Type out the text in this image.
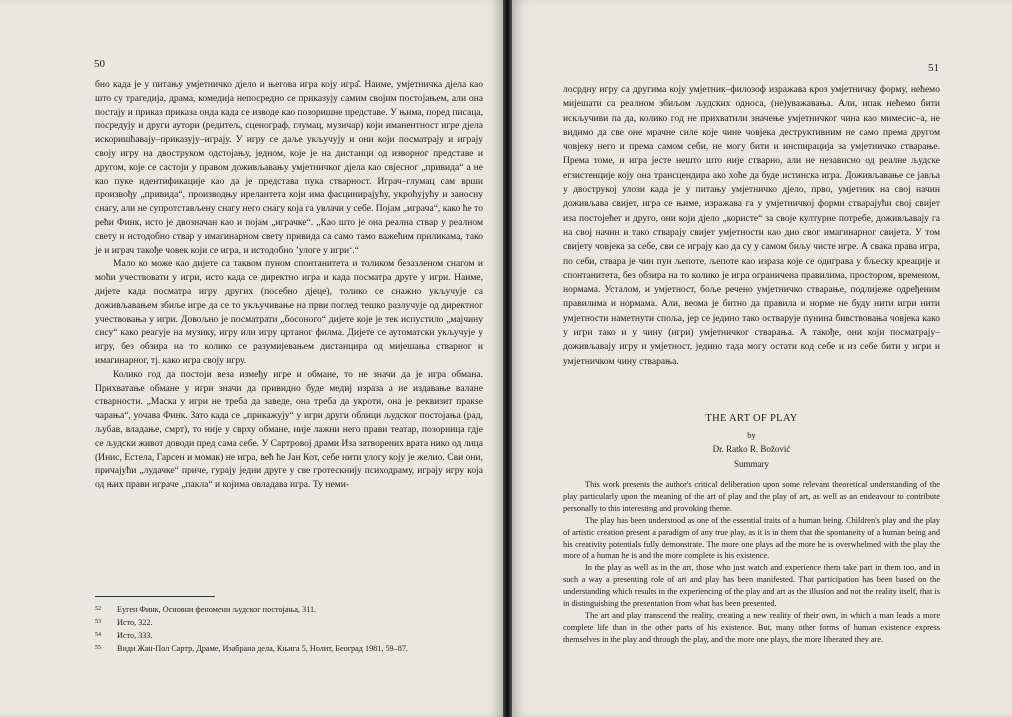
50

бно када је у питању умјетничко дјело и његова игра коју игра̂. Наиме, умјетничка дјела као што су трагедија, драма, комедија непосредно се приказују самим својим постојањем, али она постају и приказ приказа онда када се изводе као позоришне представе. У њима, поред писаца, посредују и други аутори (редитељ, сценограф, глумац, музичар) који иманентност игре дјела искоришћавају–приказују–играју. У игру се даље укључују и они који посматрају и играју своју игру на двоструком одстојању, једном, које је на дистанци од изворнoг представе и другом, које се састоји у правом доживљавању умјетничког дјела као свјесног „привида“ а не као пуке идентификације као да је представа пука стварност. Играч–глумац сам врши произвођу „привида“, производњу ирелантета који има фасцинирајућу, укроћујућу и заносну снагу, али не супротстављену снагу него снагу која га увлачи у себе. Појам „играча“, како ће то рећи Финк, исто је двозначан као и појам „играчке“. „Као што је она реална ствар у реалном свету и истодобно ствар у имагинарном свету привида са само тамо важећим приликама, тако је и играч такође човек који се игра, и истодобно ’улоге у игри‘.“

Мало ко може као дијете са таквом пуном спонтанитета и толиком безазленом снагом и моћи учествовати у игри, исто када се директно игра и када посматра друге у игри. Наиме, дијете када посматра игру других (посебно дјеце), толико се снажно укључује са доживљавањем збиље игре да се то укључивање на први поглед тешко разлучује од директног учествовања у игри. Довољно је посматрати „босоного“ дијете које је тек испустило „мајчину сису“ како реагује на музику, игру или игру цртаног филма. Дијете се аутоматски укључује у игру, без обзира на то колико се разумијевањем дистанцира од мијешања стварног и имагинарног, тј. како игра своју игру.

Колико год да постоји веза између игре и обмане, то не значи да је игра обмана. Прихватање обмане у игри значи да привидно буде медиј израза а не издавање валане стварности. „Маска у игри не треба да заведе, она треба да укроти, она је реквизит пракse чарања“, уочава Финк. Зато када се „прикажују“ у игри други облици људског постојања (рад, љубав, владање, смрт), то није у сврху обмане, није лажни него прави театар, позорница гдје се људски живот доводи пред сама себе. У Сартровој драми Иза затворених врата нико од лица (Инис, Естела, Гарсен и момак) не игра, већ ће Јан Кот, себе нити улогу коју је желио. Сви они, причајући „лудачке“ приче, гурају једни друге у све гротескнију психодраму, играју игру која од њих прави играче „пакла“ и којима овладава игра. Ту неми-

52	Еуген Финк, Основни феномени људског постојања, 311.
53	Исто, 322.
54	Исто, 333.
55	Види Жан-Пол Сартр, Драме, Изабрана дела, Књига 5, Нолит, Београд 1981, 59–87.
51

лосрдну игру са другима коју умјетник–филозоф изражава кроз умјетничку форму, нећемо мијешати са реалном збиљом људских односа, (не)уважавања. Али, ипак нећемо бити искључиви па да, колико год не прихватили значење умјетничког чина као мимесис–а, не видимо да све оне мрачне силе које чине човјека деструктивним не само према другом човјеку него и према самом себи, не могу бити и инспирација за умјетничко стварање. Према томе, и игра јесте нешто што није стварно, али не независно од реалне људске егзистенције коју она трансцендира ако хоће да буде истинска игра. Доживљавање се јавља у двострукој улози када је у питању умјетничко дјело, прво, умјетник на свој начин доживљава свијет, игра се њиме, изражава га у умјетничкој форми стварајући свој свијет иза постојећег и друго, они који дјело „користе“ за своје културне потребе, доживљавају га на свој начин и тако стварају свијет умјетности као дио свог имагинарног свијета. У том свијету човјека за себе, сви се играју као да су у самом биљу чисте игре. А свака права игра, по себи, ствара је чин пун љепоте, љепоте као израза које се одигрaва у бљеску креације и спонтанитета, без обзира на то колико је игра ограничена правилима, простором, временом, нормама. Усталом, и умјетност, боље речено умјетничко стварање, подлијеже одређеним правилима и нормама. Али, веома је битно да правила и норме не буду нити игри нити умјетности наметнути споља, јер се једино тако остварује пунина бивствовања човјека како у игри тако и у чину (игри) умјетничког стварања. А такође, они који посматрају–доживљавају игру и умјетност, једино тада могу остати код себе и из себе бити у игри и умјетничком чину стварања.

THE ART OF PLAY
by
Dr. Ratko R. Božović
Summary

This work presents the author's critical deliberation upon some relevant theoretical understanding of the play particularly upon the meaning of the art of play and the play of art, as well as an endeavour to contribute personally to this interesting and provoking theme.

The play has been understood as one of the essential traits of a human being. Children's play and the play of artistic creation present a paradigm of any true play, as it is in them that the spontaneity of a human being and his creativity potentials fully demonstrate. The more one plays ad the more he is overwhelmed with the play the more of a human he is and the more complete is his existence.

In the play as well as in the art, those who just watch and experience them take part in them too, and in such a way a presenting role of art and play has been manifested. That participation has been based on the understanding which results in the experiencing of the play and art as the illusion and not the reality itself, that is in distinguishing the presentation from what has been presented.

The art and play transcend the reality, creating a new reality of their own, in which a man leads a more complete life than in the other parts of his existence. But, many other forms of human existence express themselves in the play and through the play, and the more one plays, the more liberated they are.
